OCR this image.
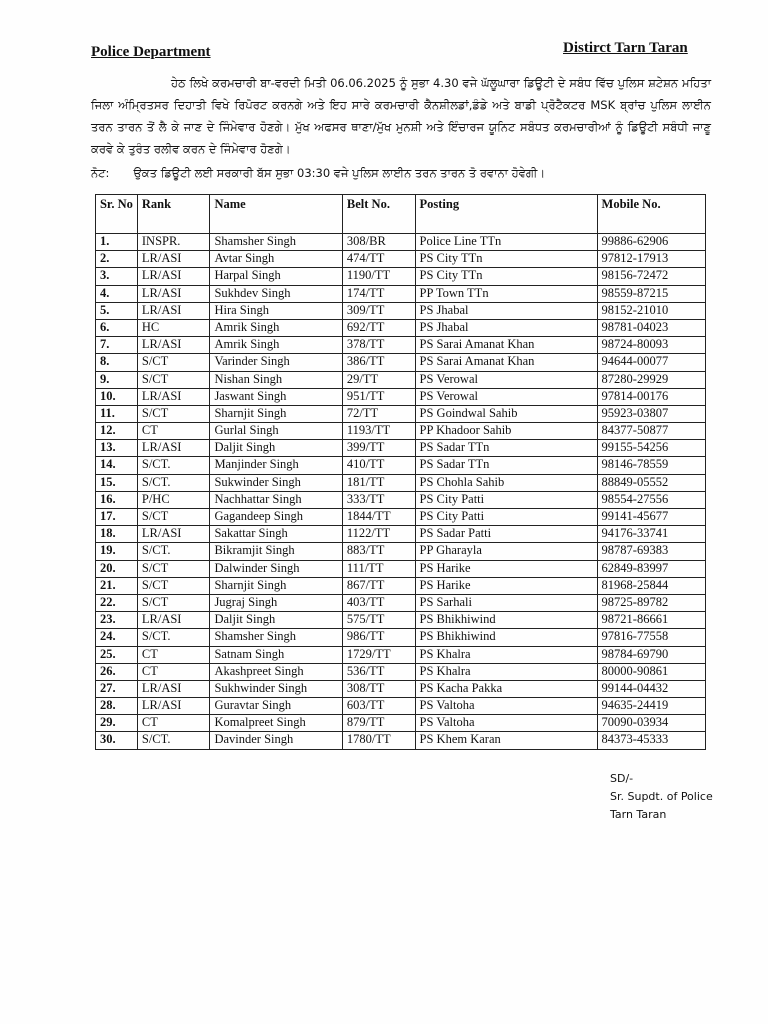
Police Department	Distirct Tarn Taran
ਹੇਠ ਲਿਖੇ ਕਰਮਚਾਰੀ ਬਾ-ਵਰਦੀ ਮਿਤੀ 06.06.2025 ਨੂੰ ਸੁਭਾ 4.30 ਵਜੇ ਘੱਲੂਘਾਰਾ ਡਿਊਟੀ ਦੇ ਸਬੰਧ ਵਿੱਚ ਪੁਲਿਸ ਸ਼ਟੇਸ਼ਨ ਮਹਿਤਾ ਜਿਲਾ ਅੰਮ੍ਰਿਤਸਰ ਦਿਹਾਤੀ ਵਿਖੇ ਰਿਪੋਰਟ ਕਰਨਗੇ ਅਤੇ ਇਹ ਸਾਰੇ ਕਰਮਚਾਰੀ ਕੈਨਸ਼ੀਲਡਾਂ,ਡੰਡੇ ਅਤੇ ਬਾਡੀ ਪ੍ਰੋਟੈਕਟਰ MSK ਬ੍ਰਾਂਚ ਪੁਲਿਸ ਲਾਈਨ ਤਰਨ ਤਾਰਨ ਤੋਂ ਲੈ ਕੇ ਜਾਣ ਦੇ ਜਿੰਮੇਵਾਰ ਹੋਣਗੇ। ਮੁੱਖ ਅਫਸਰ ਥਾਣਾ/ਮੁੱਖ ਮੁਨਸ਼ੀ ਅਤੇ ਇੰਚਾਰਜ ਯੂਨਿਟ ਸਬੰਧਤ ਕਰਮਚਾਰੀਆਂ ਨੂੰ ਡਿਊਟੀ ਸਬੰਧੀ ਜਾਣੂ ਕਰਵੇ ਕੇ ਤੁਰੰਤ ਰਲੀਵ ਕਰਨ ਦੇ ਜਿੰਮੇਵਾਰ ਹੋਣਗੇ।
ਨੋਟ: ਉਕਤ ਡਿਊਟੀ ਲਈ ਸਰਕਾਰੀ ਬੱਸ ਸੁਭਾ 03:30 ਵਜੇ ਪੁਲਿਸ ਲਾਈਨ ਤਰਨ ਤਾਰਨ ਤੋ ਰਵਾਨਾ ਹੋਵੇਗੀ।
Sr. No	Rank	Name	Belt No.	Posting	Mobile No.
1.	INSPR.	Shamsher Singh	308/BR	Police Line TTn	99886-62906
2.	LR/ASI	Avtar Singh	474/TT	PS City TTn	97812-17913
3.	LR/ASI	Harpal Singh	1190/TT	PS City TTn	98156-72472
4.	LR/ASI	Sukhdev Singh	174/TT	PP Town TTn	98559-87215
5.	LR/ASI	Hira Singh	309/TT	PS Jhabal	98152-21010
6.	HC	Amrik Singh	692/TT	PS Jhabal	98781-04023
7.	LR/ASI	Amrik Singh	378/TT	PS Sarai Amanat Khan	98724-80093
8.	S/CT	Varinder Singh	386/TT	PS Sarai Amanat Khan	94644-00077
9.	S/CT	Nishan Singh	29/TT	PS Verowal	87280-29929
10.	LR/ASI	Jaswant Singh	951/TT	PS Verowal	97814-00176
11.	S/CT	Sharnjit Singh	72/TT	PS Goindwal Sahib	95923-03807
12.	CT	Gurlal Singh	1193/TT	PP Khadoor Sahib	84377-50877
13.	LR/ASI	Daljit Singh	399/TT	PS Sadar TTn	99155-54256
14.	S/CT.	Manjinder Singh	410/TT	PS Sadar TTn	98146-78559
15.	S/CT.	Sukwinder Singh	181/TT	PS Chohla Sahib	88849-05552
16.	P/HC	Nachhattar Singh	333/TT	PS City Patti	98554-27556
17.	S/CT	Gagandeep Singh	1844/TT	PS City Patti	99141-45677
18.	LR/ASI	Sakattar Singh	1122/TT	PS Sadar Patti	94176-33741
19.	S/CT.	Bikramjit Singh	883/TT	PP Gharayla	98787-69383
20.	S/CT	Dalwinder Singh	111/TT	PS Harike	62849-83997
21.	S/CT	Sharnjit Singh	867/TT	PS Harike	81968-25844
22.	S/CT	Jugraj Singh	403/TT	PS Sarhali	98725-89782
23.	LR/ASI	Daljit Singh	575/TT	PS Bhikhiwind	98721-86661
24.	S/CT.	Shamsher Singh	986/TT	PS Bhikhiwind	97816-77558
25.	CT	Satnam Singh	1729/TT	PS Khalra	98784-69790
26.	CT	Akashpreet Singh	536/TT	PS Khalra	80000-90861
27.	LR/ASI	Sukhwinder Singh	308/TT	PS Kacha Pakka	99144-04432
28.	LR/ASI	Guravtar Singh	603/TT	PS Valtoha	94635-24419
29.	CT	Komalpreet Singh	879/TT	PS Valtoha	70090-03934
30.	S/CT.	Davinder Singh	1780/TT	PS Khem Karan	84373-45333
SD/-
Sr. Supdt. of Police
Tarn Taran
